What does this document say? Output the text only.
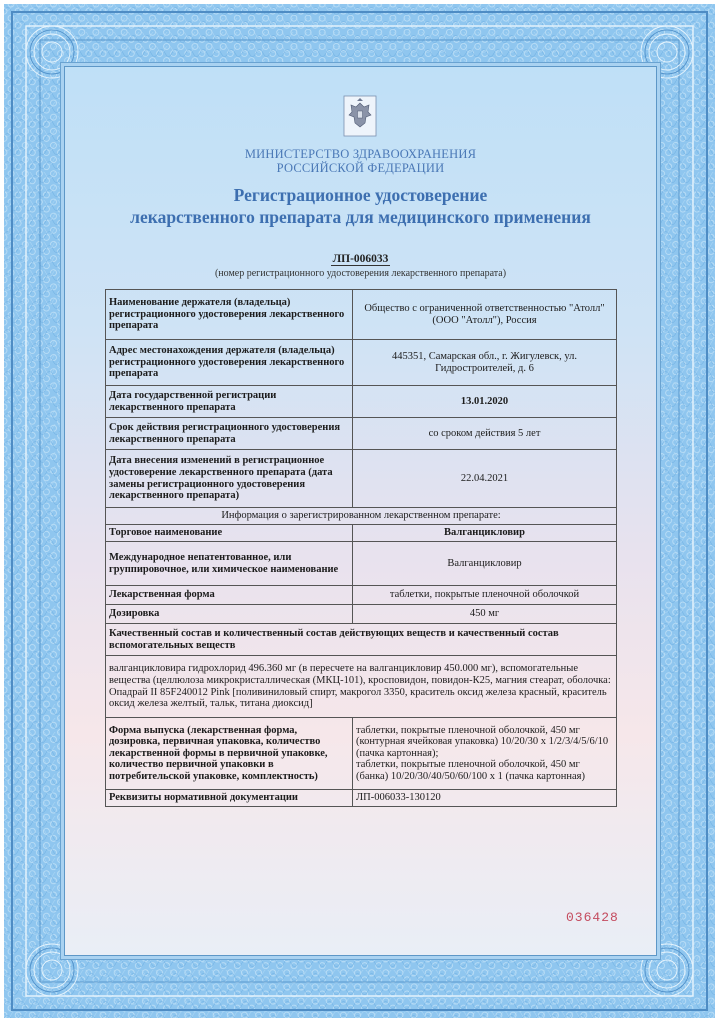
МИНИСТЕРСТВО ЗДРАВООХРАНЕНИЯ
РОССИЙСКОЙ ФЕДЕРАЦИИ
Регистрационное удостоверение
лекарственного препарата для медицинского применения
ЛП-006033
(номер регистрационного удостоверения лекарственного препарата)
Наименование держателя (владельца) регистрационного удостоверения лекарственного препарата	Общество с ограниченной ответственностью "Атолл" (ООО "Атолл"), Россия
Адрес местонахождения держателя (владельца) регистрационного удостоверения лекарственного препарата	445351, Самарская обл., г. Жигулевск, ул. Гидростроителей, д. 6
Дата государственной регистрации лекарственного препарата	13.01.2020
Срок действия регистрационного удостоверения лекарственного препарата	со сроком действия 5 лет
Дата внесения изменений в регистрационное удостоверение лекарственного препарата (дата замены регистрационного удостоверения лекарственного препарата)	22.04.2021
Информация о зарегистрированном лекарственном препарате:	
Торговое наименование	Валганцикловир
Международное непатентованное, или группировочное, или химическое наименование	Валганцикловир
Лекарственная форма	таблетки, покрытые пленочной оболочкой
Дозировка	450 мг
Качественный состав и количественный состав действующих веществ и качественный состав вспомогательных веществ	
валганцикловира гидрохлорид 496.360 мг (в пересчете на валганцикловир 450.000 мг), вспомогательные вещества (целлюлоза микрокристаллическая (МКЦ-101), кросповидон, повидон-К25, магния стеарат, оболочка: Опадрай II 85F240012 Pink [поливиниловый спирт, макрогол 3350, краситель оксид железа красный, краситель оксид железа желтый, тальк, титана диоксид]	
Форма выпуска (лекарственная форма, дозировка, первичная упаковка, количество лекарственной формы в первичной упаковке, количество первичной упаковки в потребительской упаковке, комплектность)	таблетки, покрытые пленочной оболочкой, 450 мг (контурная ячейковая упаковка) 10/20/30 х 1/2/3/4/5/6/10 (пачка картонная);
таблетки, покрытые пленочной оболочкой, 450 мг (банка) 10/20/30/40/50/60/100 х 1 (пачка картонная)

Реквизиты нормативной документации	ЛП-006033-130120
036428
